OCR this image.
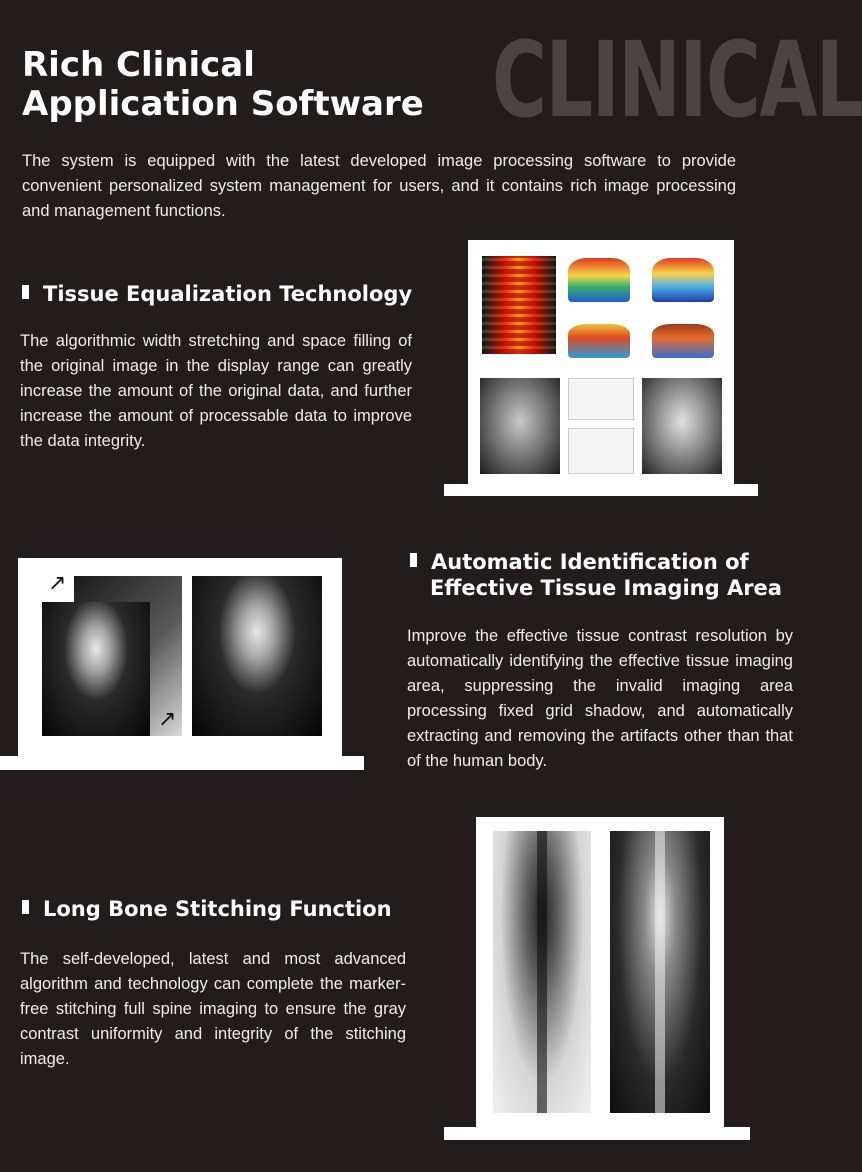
CLINICAL
Rich Clinical
Application Software

The system is equipped with the latest developed image processing software to provide convenient personalized system management for users, and it contains rich image processing and management functions.

Tissue Equalization Technology

The algorithmic width stretching and space filling of the original image in the display range can greatly increase the amount of the original data, and further increase the amount of processable data to improve the data integrity.

Automatic Identification of
Effective Tissue Imaging Area

Improve the effective tissue contrast resolution by automatically identifying the effective tissue imaging area, suppressing the invalid imaging area processing fixed grid shadow, and automatically extracting and removing the artifacts other than that of the human body.

↗
↗
Long Bone Stitching Function

The self-developed, latest and most advanced algorithm and technology can complete the marker-free stitching full spine imaging to ensure the gray contrast uniformity and integrity of the stitching image.
